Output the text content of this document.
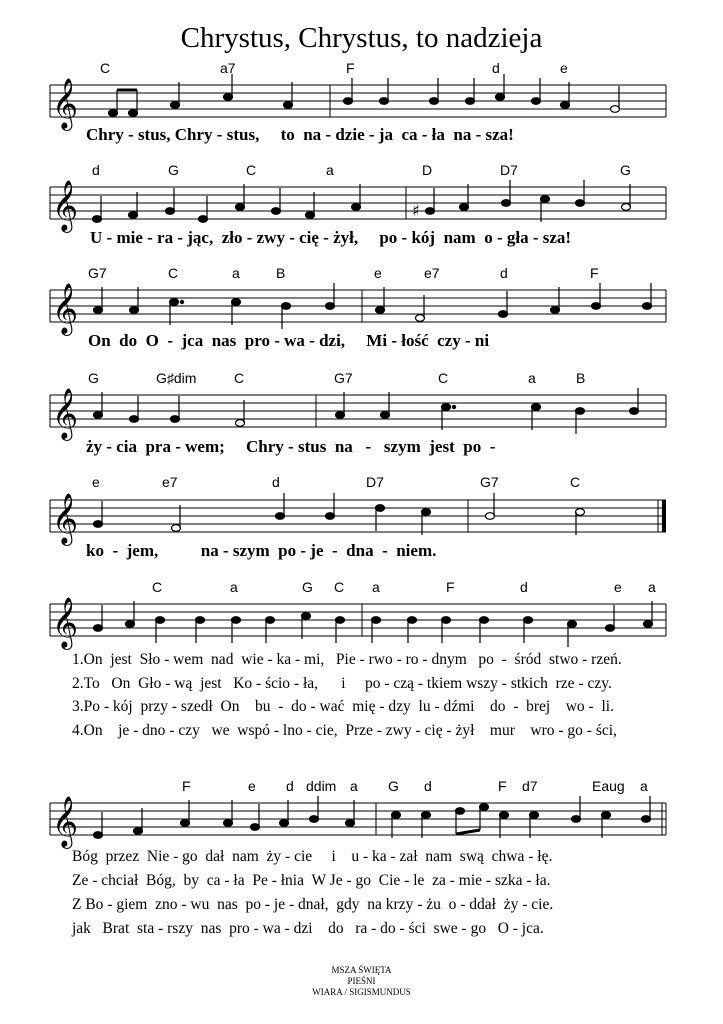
Chrystus, Chrystus, to nadzieja
C	a7	F	d	e
𝄞
Chry - stus, Chry - stus,     to  na - dzie - ja  ca - ła  na - sza!
d	G	C	a	D	D7	G
𝄞	♯
U - mie - ra - jąc,  zło - zwy - cię - żył,     po - kój  nam  o - gła - sza!
G7	C	a	B	e	e7	d	F
𝄞
On  do  O  -  jca  nas  pro - wa - dzi,     Mi - łość  czy - ni
G	G♯dim	C	G7	C	a	B
𝄞
ży - cia  pra - wem;     Chry - stus  na   -   szym  jest  po  -
e	e7	d	D7	G7	C
𝄞
ko  -  jem,          na - szym  po - je  -  dna  -  niem.
C	a	G C a	F	d	e a
𝄞
1.On  jest  Sło - wem  nad  wie - ka - mi,   Pie - rwo - ro - dnym   po  -  śród  stwo - rzeń.
2.To   On  Gło - wą  jest   Ko - ścio - ła,      i     po - czą - tkiem wszy - stkich  rze - czy.
3.Po - kój  przy - szedł  On    bu  -  do - wać  mię - dzy  lu - dźmi    do  -  brej    wo -  li.
4.On    je - dno - czy   we  wspó - lno - cie,  Prze - zwy - cię - żył    mur    wro - go - ści,
F	e d ddim a G d	F d7	Eaug a
𝄞
Bóg  przez  Nie - go  dał  nam  ży - cie     i    u - ka - zał  nam  swą  chwa - łę.
Ze - chciał  Bóg,  by  ca - ła  Pe - łnia  W Je - go  Cie - le  za - mie - szka - ła.
Z Bo - giem  zno - wu  nas  po - je - dnał,  gdy  na krzy - żu  o - ddał  ży - cie.
jak   Brat  sta - rszy  nas  pro - wa - dzi    do   ra - do - ści  swe - go   O - jca.
MSZA ŚWIĘTA
PIEŚNI
WIARA / SIGISMUNDUS
